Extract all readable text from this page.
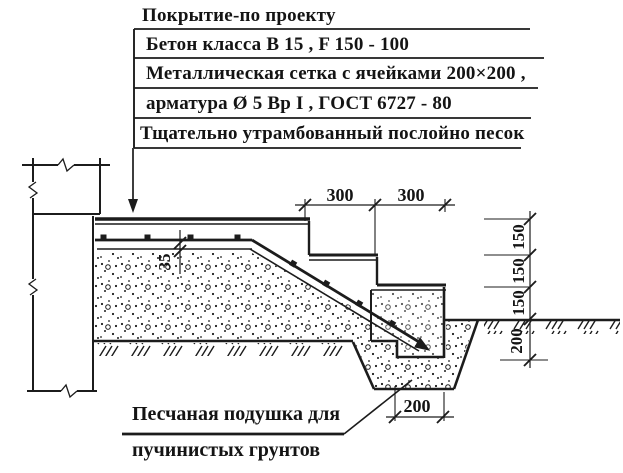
Покрытие-по проекту
Бетон класса В 15 , F 150 - 100
Металлическая сетка с ячейками 200×200 ,
арматура Ø 5 Вр I , ГОСТ 6727 - 80
Тщательно утрамбованный послойно песок
300	300
150
150
150
200
35
200
Песчаная подушка для
пучинистых грунтов
